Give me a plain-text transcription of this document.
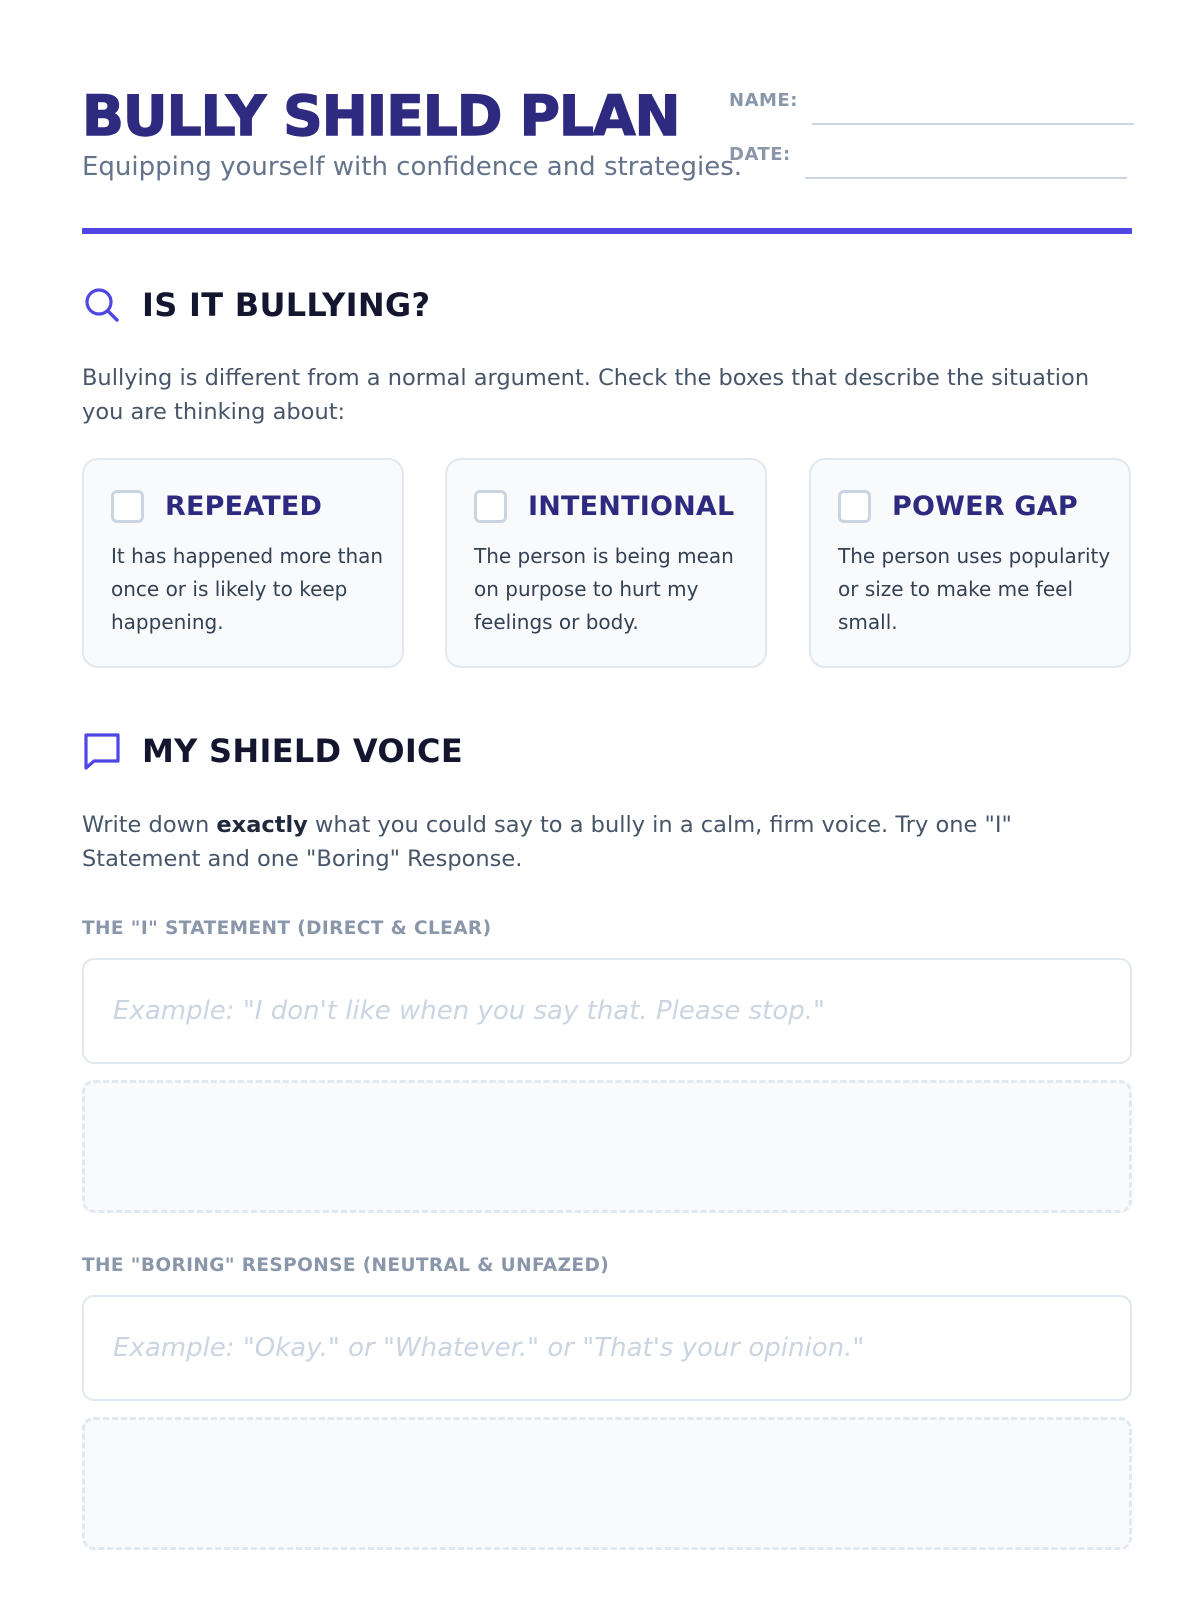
BULLY SHIELD PLAN
Equipping yourself with confidence and strategies.
NAME:
DATE:
IS IT BULLYING?

Bullying is different from a normal argument. Check the boxes that describe the situation you are thinking about:

REPEATED

It has happened more than once or is likely to keep happening.

INTENTIONAL

The person is being mean on purpose to hurt my feelings or body.

POWER GAP

The person uses popularity or size to make me feel small.

MY SHIELD VOICE

Write down exactly what you could say to a bully in a calm, firm voice. Try one "I" Statement and one "Boring" Response.

THE "I" STATEMENT (DIRECT & CLEAR)
Example: "I don't like when you say that. Please stop."
THE "BORING" RESPONSE (NEUTRAL & UNFAZED)
Example: "Okay." or "Whatever." or "That's your opinion."
